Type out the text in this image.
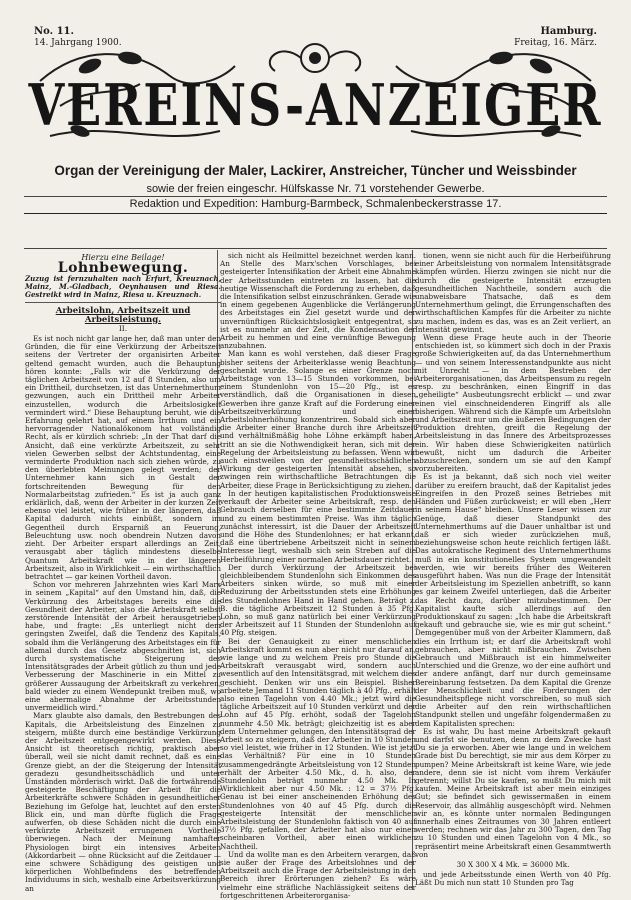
No. 11.
14. Jahrgang 1900.
Hamburg.
Freitag, 16. März.
VEREINS-ANZEIGER
Organ der Vereinigung der Maler, Lackirer, Anstreicher, Tüncher und Weissbinder
sowie der freien eingeschr. Hülfskasse Nr. 71 vorstehender Gewerbe.
Redaktion und Expedition: Hamburg-Barmbeck, Schmalenbeckerstrasse 17.
Hierzu eine Beilage!
Lohnbewegung.
Zuzug ist fernzuhalten nach Erfurt, Kreuznach, Mainz, M.-Gladbach, Oeynhausen und Riesa. Gestreikt wird in Mainz, Riesa u. Kreuznach.
Arbeitslohn, Arbeitszeit und Arbeitsleistung.
II.

Es ist noch nicht gar lange her, daß man unter den Gründen, die für eine Verkürzung der Arbeitszeit seitens der Vertreter der organisirten Arbeiter geltend gemacht wurden, auch die Behauptung hören konnte: „Falls wir die Verkürzung der täglichen Arbeitszeit von 12 auf 8 Stunden, also um ein Drittheil, durchsetzen, ist das Unternehmerthum gezwungen, auch ein Drittheil mehr Arbeiter einzustellen, wodurch die Arbeitslosigkeit vermindert wird.“ Diese Behauptung beruht, wie die Erfahrung gelehrt hat, auf einem Irrthum und ein hervorragender Nationalökonom hat vollständig Recht, als er kürzlich schrieb: „In der That darf die Ansicht, daß eine verkürzte Arbeitszeit, zu sehr vielen Gewerben selbst der Achtstundentag, eine verminderte Produktion nach sich ziehen würde, zu den überlebten Meinungen gelegt werden; der Unternehmer kann sich in Gestalt der fortschreitenden Bewegung für den Normalarbeitstag zufrieden.“ Es ist ja auch ganz erklärlich, daß, wenn der Arbeiter in der kurzen Zeit ebenso viel leistet, wie früher in der längeren, daß Kapital dadurch nichts einbüßt, sondern im Gegentheil durch Ersparniß an Feuerung, Beleuchtung usw. noch obendrein Nutzen davon zieht. Der Arbeiter erspart allerdings an Zeit, verausgabt aber täglich mindestens dieselbe Quantum Arbeitskraft wie in der längeren Arbeitszeit, also in Wirklichkeit — ein wirthschaftlich betrachtet — gar keinen Vortheil davon.

Schon vor mehreren Jahrzehnten wies Karl Marx in seinem „Kapital“ auf den Umstand hin, daß, die Verkürzung des Arbeitstages bereits eine die Gesundheit der Arbeiter, also die Arbeitskraft selbst zerstörende Intensität der Arbeit herausgetrieben habe, und fragte: „Es unterliegt nicht dem geringsten Zweifel, daß die Tendenz des Kapitals, sobald ihm die Verlängerung des Arbeitstages ein für allemal durch das Gesetz abgeschnitten ist, sich durch systematische Steigerung des Intensitätsgrades der Arbeit gütlich zu thun und jede Verbesserung der Maschinerie in ein Mittel zu größerer Aussaugung der Arbeitskraft zu verkehren, bald wieder zu einem Wendepunkt treiben muß, wo eine abermalige Abnahme der Arbeitsstunden unvermeidlich wird.“

Marx glaubte also damals, den Bestrebungen des Kapitals, die Arbeitsleistung des Einzelnen zu steigern, müßte durch eine beständige Verkürzung der Arbeitszeit entgegengewirkt werden. Diese Ansicht ist theoretisch richtig, praktisch aber überall, weil sie nicht damit rechnet, daß es eine Grenze giebt, an der die Steigerung der Intensität geradezu gesundheitsschädlich und unter Umständen mörderisch wirkt. Daß die fortwährende gesteigerte Beschäftigung der Arbeit für die Arbeiterkräfte schwere Schäden in gesundheitlicher Beziehung im Gefolge hat, leuchtet auf den ersten Blick ein, und man dürfte füglich die Frage aufwerfen, ob diese Schäden nicht die durch eine verkürzte Arbeitszeit errungenen Vortheile überwiegen. Nach der Meinung namhafter Physiologen birgt ein intensives Arbeiten (Akkordarbeit — ohne Rücksicht auf die Zeitdauer — eine schwere Schädigung des geistigen und körperlichen Wohlbefindens des betreffenden Individuums in sich, weshalb eine Arbeitsverkürzung an

sich nicht als Heilmittel bezeichnet werden kann. An Stelle des Marx'schen Vorschlages, bei gesteigerter Intensifikation der Arbeit eine Abnahme der Arbeitsstunden eintreten zu lassen, hat die heutige Wissenschaft die Forderung zu erheben, daß die Intensifikation selbst einzuschränken. Gerade wie in einem gegebenen Augenblicke die Verlängerung des Arbeitstages ein Ziel gesetzt wurde und der unvernünftigen Rücksichtslosigkeit entgegentrat, so ist es nunmehr an der Zeit, die Kondensation der Arbeit zu hemmen und eine vernünftige Bewegung anzubahnen.

Man kann es wohl verstehen, daß dieser Frage bisher seitens der Arbeiterklasse wenig Beachtung geschenkt wurde. Solange es einer Grenze noch Arbeitstage von 13—15 Stunden vorkommen, bei einem Stundenlohn von 15—20 Pfg., ist es verständlich, daß die Organisationen in diesen Gewerben ihre ganze Kraft auf die Forderung einer Arbeitszeitverkürzung und einer Arbeitslohnerhöhung konzentriren. Sobald sich aber die Arbeiter einer Branche durch ihre Arbeitszeit und verhältnißmäßig hohe Löhne erkämpft haben, tritt an sie die Nothwendigkeit heran, sich mit der Regelung der Arbeitsleistung zu befassen. Wenn wir auch einstweilen von der gesundheitsschädlichen Wirkung der gesteigerten Intensität absehen, so zwingen rein wirthschaftliche Betrachtungen die Arbeiter, diese Frage in Berücksichtigung zu ziehen.

In der heutigen kapitalistischen Produktionsweise verkauft der Arbeiter seine Arbeitskraft, resp. den Gebrauch derselben für eine bestimmte Zeitdauer und zu einem bestimmten Preise. Was ihm täglich zunächst interessirt, ist die Dauer der Arbeitszeit und die Höhe des Stundenlohnes; er hat erkannt, daß eine übertriebene Arbeitszeit nicht in seinem Interesse liegt, weshalb sich sein Streben auf die Herbeiführung einer normalen Arbeitsdauer richtet.

Der durch Verkürzung der Arbeitszeit bei gleichbleibendem Stundenlohn sich Einkommen des Arbeiters sinken würde, so muß mit einer Reduzirung der Arbeitsstunden stets eine Erhöhung des Stundenlohnes Hand in Hand gehen. Beträgt z. B. die tägliche Arbeitszeit 12 Stunden à 35 Pfg. Lohn, so muß ganz natürlich bei einer Verkürzung der Arbeitszeit auf 11 Stunden der Stundenlohn auf 40 Pfg. steigen.

Bei der Genauigkeit zu einer menschlichen Arbeitskraft kommt es nun aber nicht nur darauf an, wie lange und zu welchem Preis pro Stunde die Arbeitskraft verausgabt wird, sondern auch wesentlich auf den Intensitätsgrad, mit welchem dies geschieht. Denken wir uns ein Beispiel. Bisher arbeitete Jemand 11 Stunden täglich à 40 Pfg., erhält also einen Tagelohn von 4.40 Mk.; jetzt wird die tägliche Arbeitszeit auf 10 Stunden verkürzt und der Lohn auf 45 Pfg. erhöht, sodaß der Tagelohn nunmehr 4.50 Mk. beträgt; gleichzeitig ist es aber dem Unternehmer gelungen, den Intensitätsgrad der Arbeit so zu steigern, daß der Arbeiter in 10 Stunden so viel leistet, wie früher in 12 Stunden. Wie ist jetzt das Verhältniß? Für eine in 10 Stunden zusammengedrängte Arbeitsleistung von 12 Stunden erhält der Arbeiter 4.50 Mk., d. h. also, der Stundenlohn beträgt nunmehr 4.50 Mk. In Wirklichkeit aber nur 4.50 Mk. : 12 = 37½ Pfg. Genau ist bei einer anscheinenden Erhöhung des Stundenlohnes von 40 auf 45 Pfg. durch die gesteigerte Intensität der menschlichen Arbeitsleistung der Stundenlohn faktisch von 40 auf 37½ Pfg. gefallen, der Arbeiter hat also nur einen scheinbaren Vortheil, aber einen wirklichen Nachtheil.

Und da wollte man es den Arbeitern verargen, daß sie außer der Frage des Arbeitslohnes und der Arbeitszeit auch die Frage der Arbeitsleistung in den Bereich ihrer Erörterungen ziehen? Es wäre vielmehr eine sträfliche Nachlässigkeit seitens der fortgeschrittenen Arbeiterorganisa-

tionen, wenn sie nicht auch für die Herbeiführung einer Arbeitsleistung von normalem Intensitätsgrade kämpfen würden. Hierzu zwingen sie nicht nur die durch die gesteigerte Intensität erzeugten gesundheitlichen Nachtheile, sondern auch die unabweisbare Thatsache, daß es dem Unternehmerthum gelingt, die Errungenschaften des wirthschaftlichen Kampfes für die Arbeiter zu nichte zu machen, indem es das, was es an Zeit verliert, an Intensität gewinnt.

Wenn diese Frage heute auch in der Theorie entschieden ist, so kümmert sich doch in der Praxis große Schwierigkeiten auf, da das Unternehmerthum — und von seinem Interessenstandpunkte aus nicht mit Unrecht — in dem Bestreben der Arbeiterorganisationen, das Arbeitspensum zu regeln resp. zu beschränken, einen Eingriff in das „geheiligte“ Ausbeutungsrecht erblickt — und zwar einen viel einschneidenderen Eingriff als alle bisherigen. Während sich die Kämpfe um Arbeitslohn und Arbeitszeit nur um die äußeren Bedingungen der Produktion drehten, greift die Regelung der Arbeitsleistung in das Innere des Arbeitsprozesses ein. Wir haben diese Schwierigkeiten natürlich bewußt, nicht um dadurch die Arbeiter abzuschrecken, sondern um sie auf den Kampf vorzubereiten.

Es ist ja bekannt, daß sich noch viel weiter darüber zu ereifern braucht, daß der Kapitalist jedes Eingreifen in den Prozeß seines Betriebes mit Händen und Füßen zurückweist; er will eben „Herr in seinem Hause“ bleiben. Unsere Leser wissen zur Genüge, daß dieser Standpunkt des Unternehmerthums auf die Dauer unhaltbar ist und daß er sich wieder zurückziehen muß, beziehungsweise schon heute reichlich fertigen läßt. Das autokratische Regiment des Unternehmerthums muß in ein konstitutionelles System umgewandelt werden, wie wir bereits früher des Weiteren ausgeführt haben. Was nun die Frage der Intensität der Arbeitsleistung im Speziellen anbetrifft, so kann es gar keinem Zweifel unterliegen, daß die Arbeiter das Recht dazu, darüber mitzubestimmen. Der Kapitalist kaufte sich allerdings auf den Produktionskauf zu sagen: „Ich habe die Arbeitskraft gekauft und gebrauche sie, wie es mir gut scheint.“ Demgegenüber muß von der Arbeiter Klammern, daß dies ein Irrthum ist; er darf die Arbeitskraft wohl gebrauchen, aber nicht mißbrauchen. Zwischen Gebrauch und Mißbrauch ist ein himmelweiter Unterschied und die Grenze, wo der eine aufhört und der andere anfängt, darf nur durch gemeinsame Bereinbarung festsetzen. Da dem Kapital die Grenze der Menschlichkeit und die Forderungen der Gesundheitspflege nicht vorschreiben, so muß sich die Arbeiter auf den rein wirthschaftlichen Standpunkt stellen und ungefähr folgendermaßen zu dem Kapitalisten sprechen:

Es ist wahr, Du hast meine Arbeitskraft gekauft und darfst sie benutzen, denn zu dem Zwecke hast Du sie ja erworben. Aber wie lange und in welchem Grade bist Du berechtigt, sie mir aus dem Körper zu pumpen? Meine Arbeitskraft ist keine Ware, wie jede andere, denn sie ist nicht vom ihrem Verkäufer getrennt; willst Du sie kaufen, so mußt Du mich mit kaufen. Meine Arbeitskraft ist aber mein einziges Gut; sie befindet sich gewissermaßen in einem Reservoir, das allmählig ausgeschöpft wird. Nehmen wir an, es könnte unter normalen Bedingungen innerhalb eines Zeitraumes von 30 Jahren entleert werden; rechnen wir das Jahr zu 300 Tagen, den Tag zu 10 Stunden und einen Tagelohn von 4 Mk., so repräsentirt meine Arbeitskraft einen Gesammtwerth von

30 X 300 X 4 Mk. = 36000 Mk.

und jede Arbeitsstunde einen Werth von 40 Pfg. Läßt Du mich nun statt 10 Stunden pro Tag
